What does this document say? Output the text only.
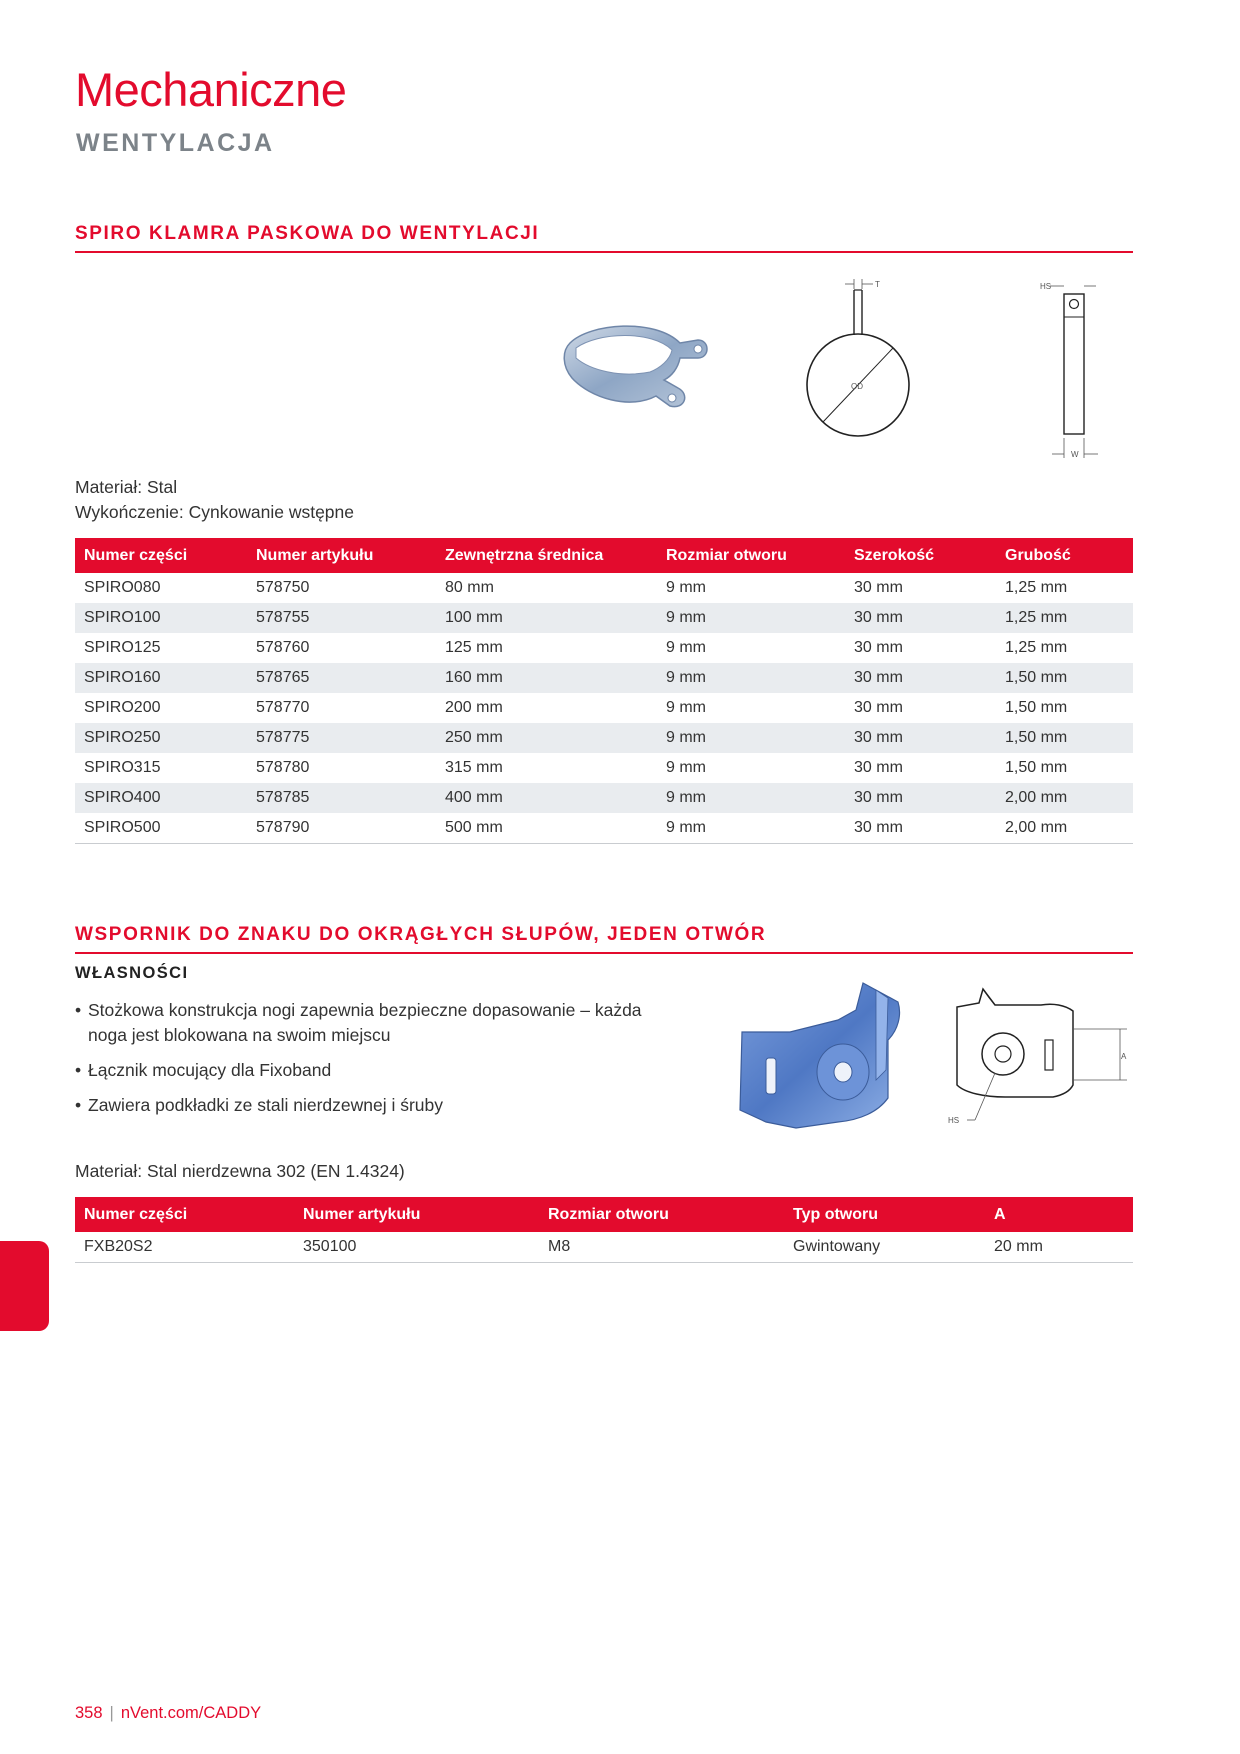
Mechaniczne
WENTYLACJA
SPIRO KLAMRA PASKOWA DO WENTYLACJI
T
OD
HS
W
Materiał: Stal
Wykończenie: Cynkowanie wstępne
Numer części	Numer artykułu	Zewnętrzna średnica	Rozmiar otworu	Szerokość	Grubość
SPIRO080	578750	80 mm	9 mm	30 mm	1,25 mm
SPIRO100	578755	100 mm	9 mm	30 mm	1,25 mm
SPIRO125	578760	125 mm	9 mm	30 mm	1,25 mm
SPIRO160	578765	160 mm	9 mm	30 mm	1,50 mm
SPIRO200	578770	200 mm	9 mm	30 mm	1,50 mm
SPIRO250	578775	250 mm	9 mm	30 mm	1,50 mm
SPIRO315	578780	315 mm	9 mm	30 mm	1,50 mm
SPIRO400	578785	400 mm	9 mm	30 mm	2,00 mm
SPIRO500	578790	500 mm	9 mm	30 mm	2,00 mm
WSPORNIK DO ZNAKU DO OKRĄGŁYCH SŁUPÓW, JEDEN OTWÓR
WŁASNOŚCI
• Stożkowa konstrukcja nogi zapewnia bezpieczne dopasowanie – każda noga jest blokowana na swoim miejscu
• Łącznik mocujący dla Fixoband
• Zawiera podkładki ze stali nierdzewnej i śruby
A
HS
Materiał: Stal nierdzewna 302 (EN 1.4324)
Numer części	Numer artykułu	Rozmiar otworu	Typ otworu	A
FXB20S2	350100	M8	Gwintowany	20 mm
358 | nVent.com/CADDY
